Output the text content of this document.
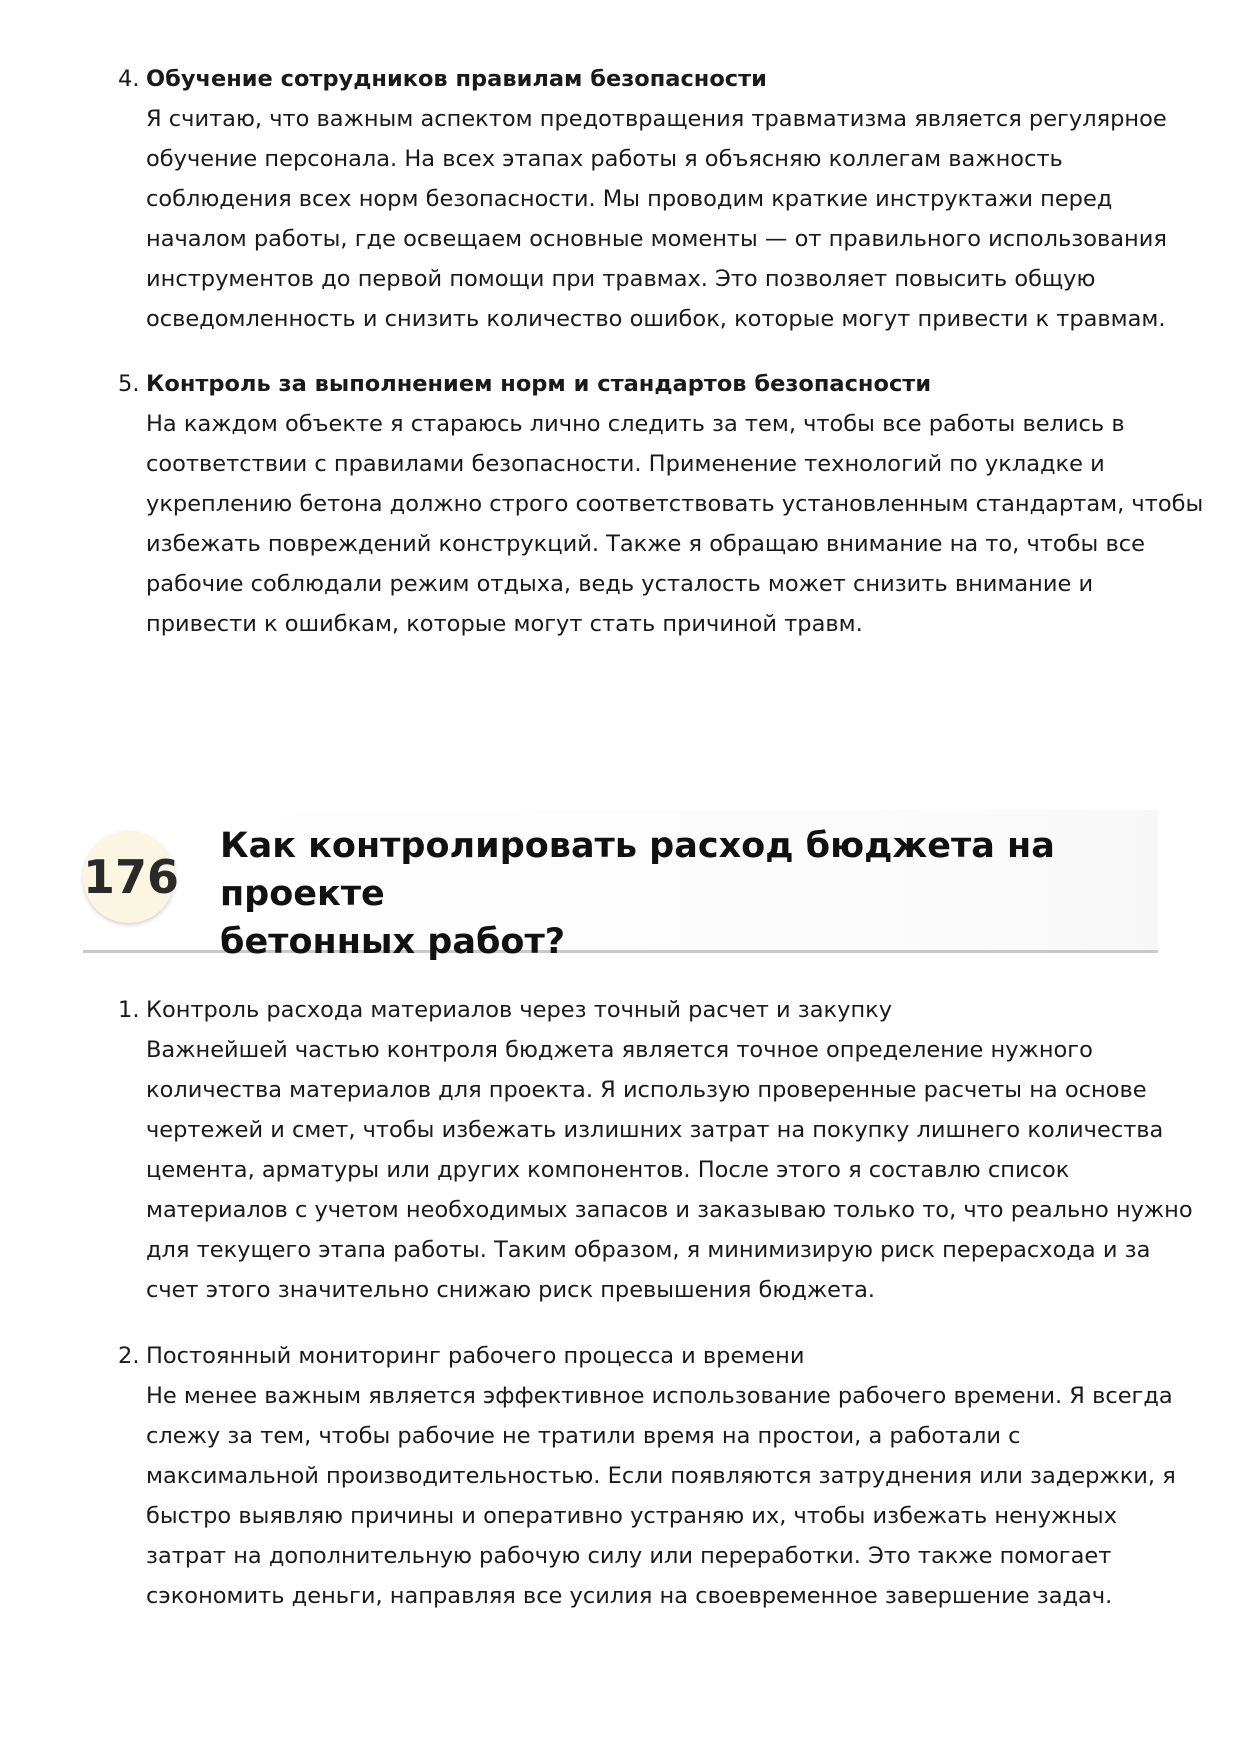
4. Обучение сотрудников правилам безопасности
Я считаю, что важным аспектом предотвращения травматизма является регулярное
обучение персонала. На всех этапах работы я объясняю коллегам важность
соблюдения всех норм безопасности. Мы проводим краткие инструктажи перед
началом работы, где освещаем основные моменты — от правильного использования
инструментов до первой помощи при травмах. Это позволяет повысить общую
осведомленность и снизить количество ошибок, которые могут привести к травмам.
5. Контроль за выполнением норм и стандартов безопасности
На каждом объекте я стараюсь лично следить за тем, чтобы все работы велись в
соответствии с правилами безопасности. Применение технологий по укладке и
укреплению бетона должно строго соответствовать установленным стандартам, чтобы
избежать повреждений конструкций. Также я обращаю внимание на то, чтобы все
рабочие соблюдали режим отдыха, ведь усталость может снизить внимание и
привести к ошибкам, которые могут стать причиной травм.
176
Как контролировать расход бюджета на проекте
бетонных работ?
1. Контроль расхода материалов через точный расчет и закупку
Важнейшей частью контроля бюджета является точное определение нужного
количества материалов для проекта. Я использую проверенные расчеты на основе
чертежей и смет, чтобы избежать излишних затрат на покупку лишнего количества
цемента, арматуры или других компонентов. После этого я составлю список
материалов с учетом необходимых запасов и заказываю только то, что реально нужно
для текущего этапа работы. Таким образом, я минимизирую риск перерасхода и за
счет этого значительно снижаю риск превышения бюджета.
2. Постоянный мониторинг рабочего процесса и времени
Не менее важным является эффективное использование рабочего времени. Я всегда
слежу за тем, чтобы рабочие не тратили время на простои, а работали с
максимальной производительностью. Если появляются затруднения или задержки, я
быстро выявляю причины и оперативно устраняю их, чтобы избежать ненужных
затрат на дополнительную рабочую силу или переработки. Это также помогает
сэкономить деньги, направляя все усилия на своевременное завершение задач.
